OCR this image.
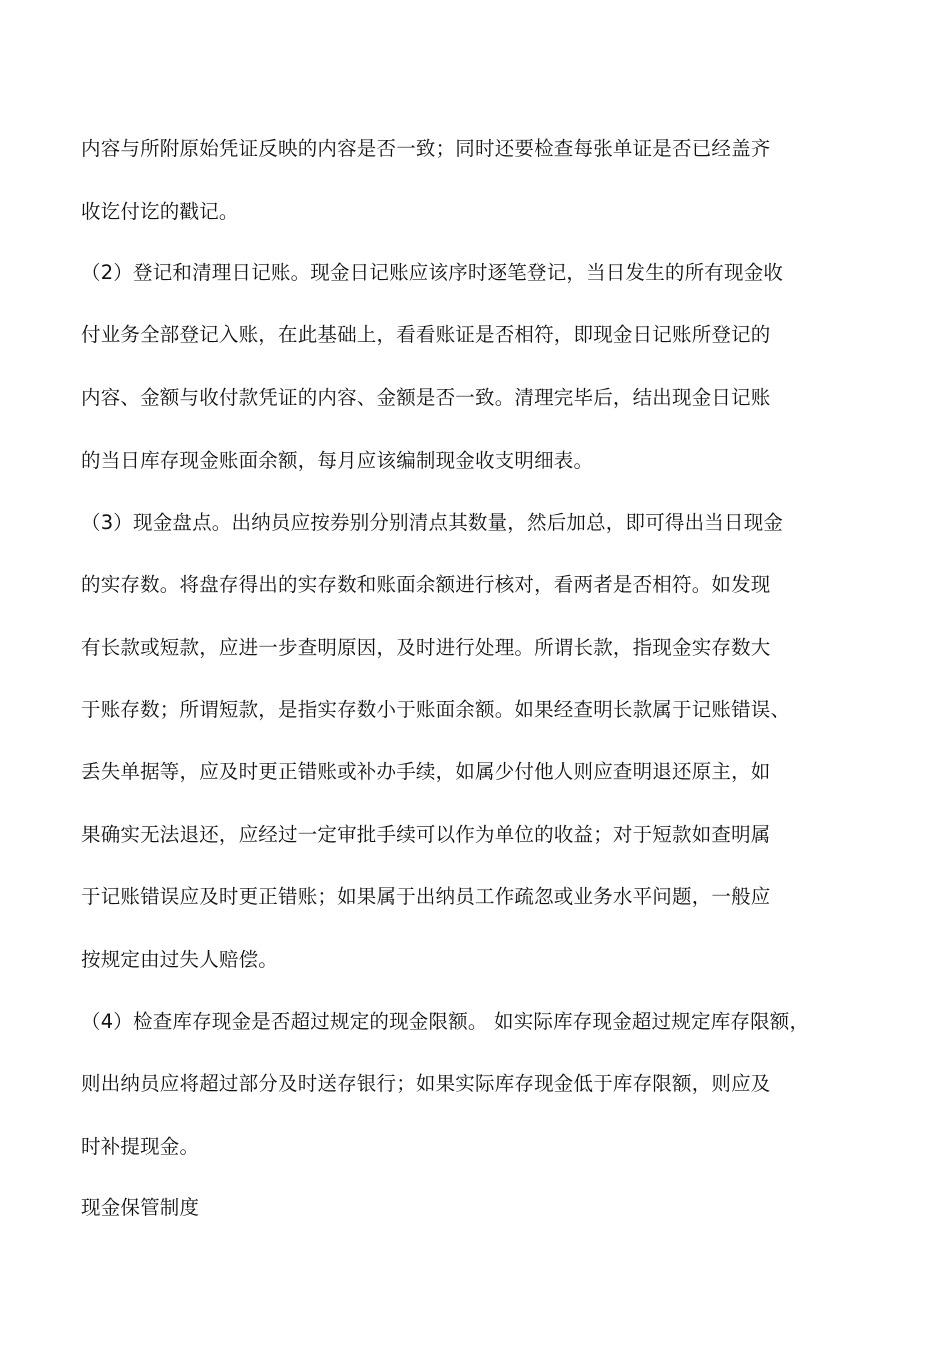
内容与所附原始凭证反映的内容是否一致；同时还要检查每张单证是否已经盖齐
收讫付讫的戳记。
（2）登记和清理日记账。现金日记账应该序时逐笔登记，当日发生的所有现金收
付业务全部登记入账，在此基础上，看看账证是否相符，即现金日记账所登记的
内容、金额与收付款凭证的内容、金额是否一致。清理完毕后，结出现金日记账
的当日库存现金账面余额，每月应该编制现金收支明细表。
（3）现金盘点。出纳员应按券别分别清点其数量，然后加总，即可得出当日现金
的实存数。将盘存得出的实存数和账面余额进行核对，看两者是否相符。如发现
有长款或短款，应进一步查明原因，及时进行处理。所谓长款，指现金实存数大
于账存数；所谓短款，是指实存数小于账面余额。如果经查明长款属于记账错误、
丢失单据等，应及时更正错账或补办手续，如属少付他人则应查明退还原主，如
果确实无法退还，应经过一定审批手续可以作为单位的收益；对于短款如查明属
于记账错误应及时更正错账；如果属于出纳员工作疏忽或业务水平问题，一般应
按规定由过失人赔偿。
（4）检查库存现金是否超过规定的现金限额。 如实际库存现金超过规定库存限额，
则出纳员应将超过部分及时送存银行；如果实际库存现金低于库存限额，则应及
时补提现金。
现金保管制度
